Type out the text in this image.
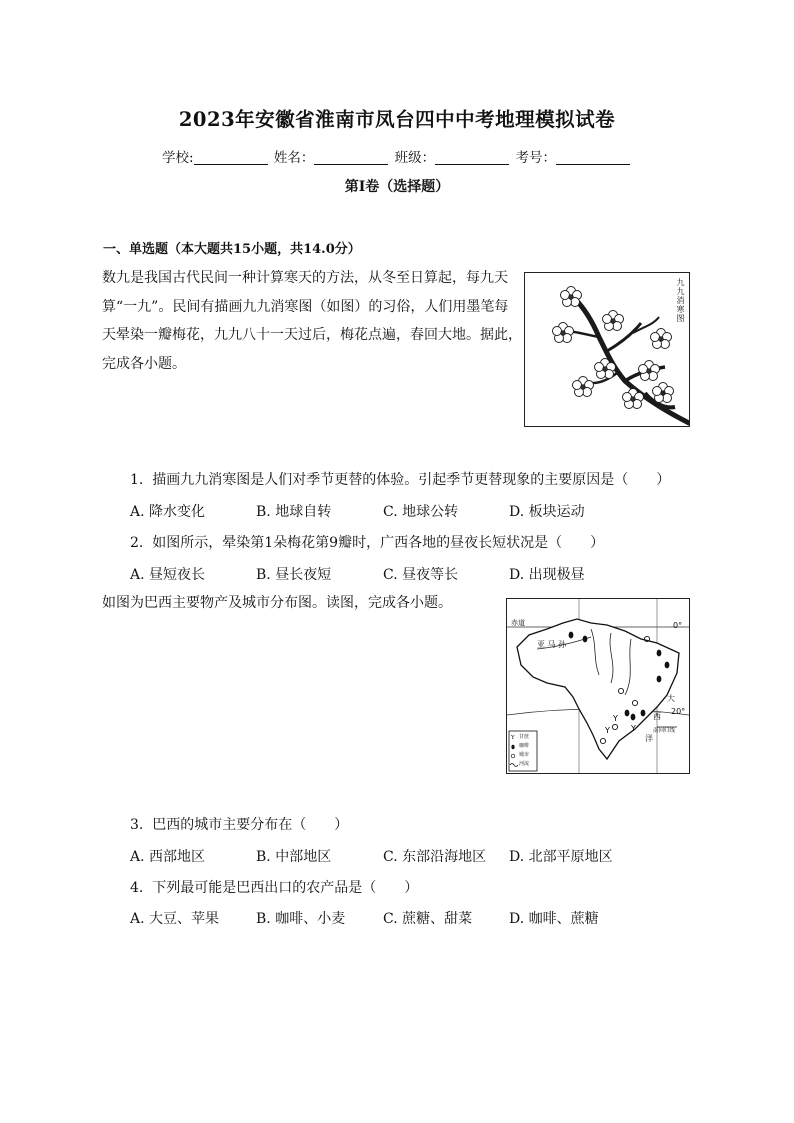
2023年安徽省淮南市凤台四中中考地理模拟试卷
学校:	姓名：	班级：	考号：
第I卷（选择题）
一、单选题（本大题共15小题，共14.0分）
数九是我国古代民间一种计算寒天的方法，从冬至日算起，每九天
算“一九”。民间有描画九九消寒图（如图）的习俗，人们用墨笔每
天晕染一瓣梅花，九九八十一天过后，梅花点遍，春回大地。据此，
完成各小题。
九九消寒图
1. 描画九九消寒图是人们对季节更替的体验。引起季节更替现象的主要原因是（　　）
A. 降水变化	B. 地球自转	C. 地球公转	D. 板块运动
2.  如图所示，晕染第1朵梅花第9瓣时，广西各地的昼夜长短状况是（　　）
A. 昼短夜长	B. 昼长夜短	C. 昼夜等长	D. 出现极昼
如图为巴西主要物产及城市分布图。读图，完成各小题。
Y
Y	Y
Y
赤道	0°
20°
亚 马 孙
大
西
洋
南回归线
甘蔗
咖啡
城市
河流
3. 巴西的城市主要分布在（　　）
A. 西部地区	B. 中部地区	C. 东部沿海地区 D. 北部平原地区
4.  下列最可能是巴西出口的农产品是（　　）
A. 大豆、苹果	B. 咖啡、小麦	C. 蔗糖、甜菜	D. 咖啡、蔗糖
